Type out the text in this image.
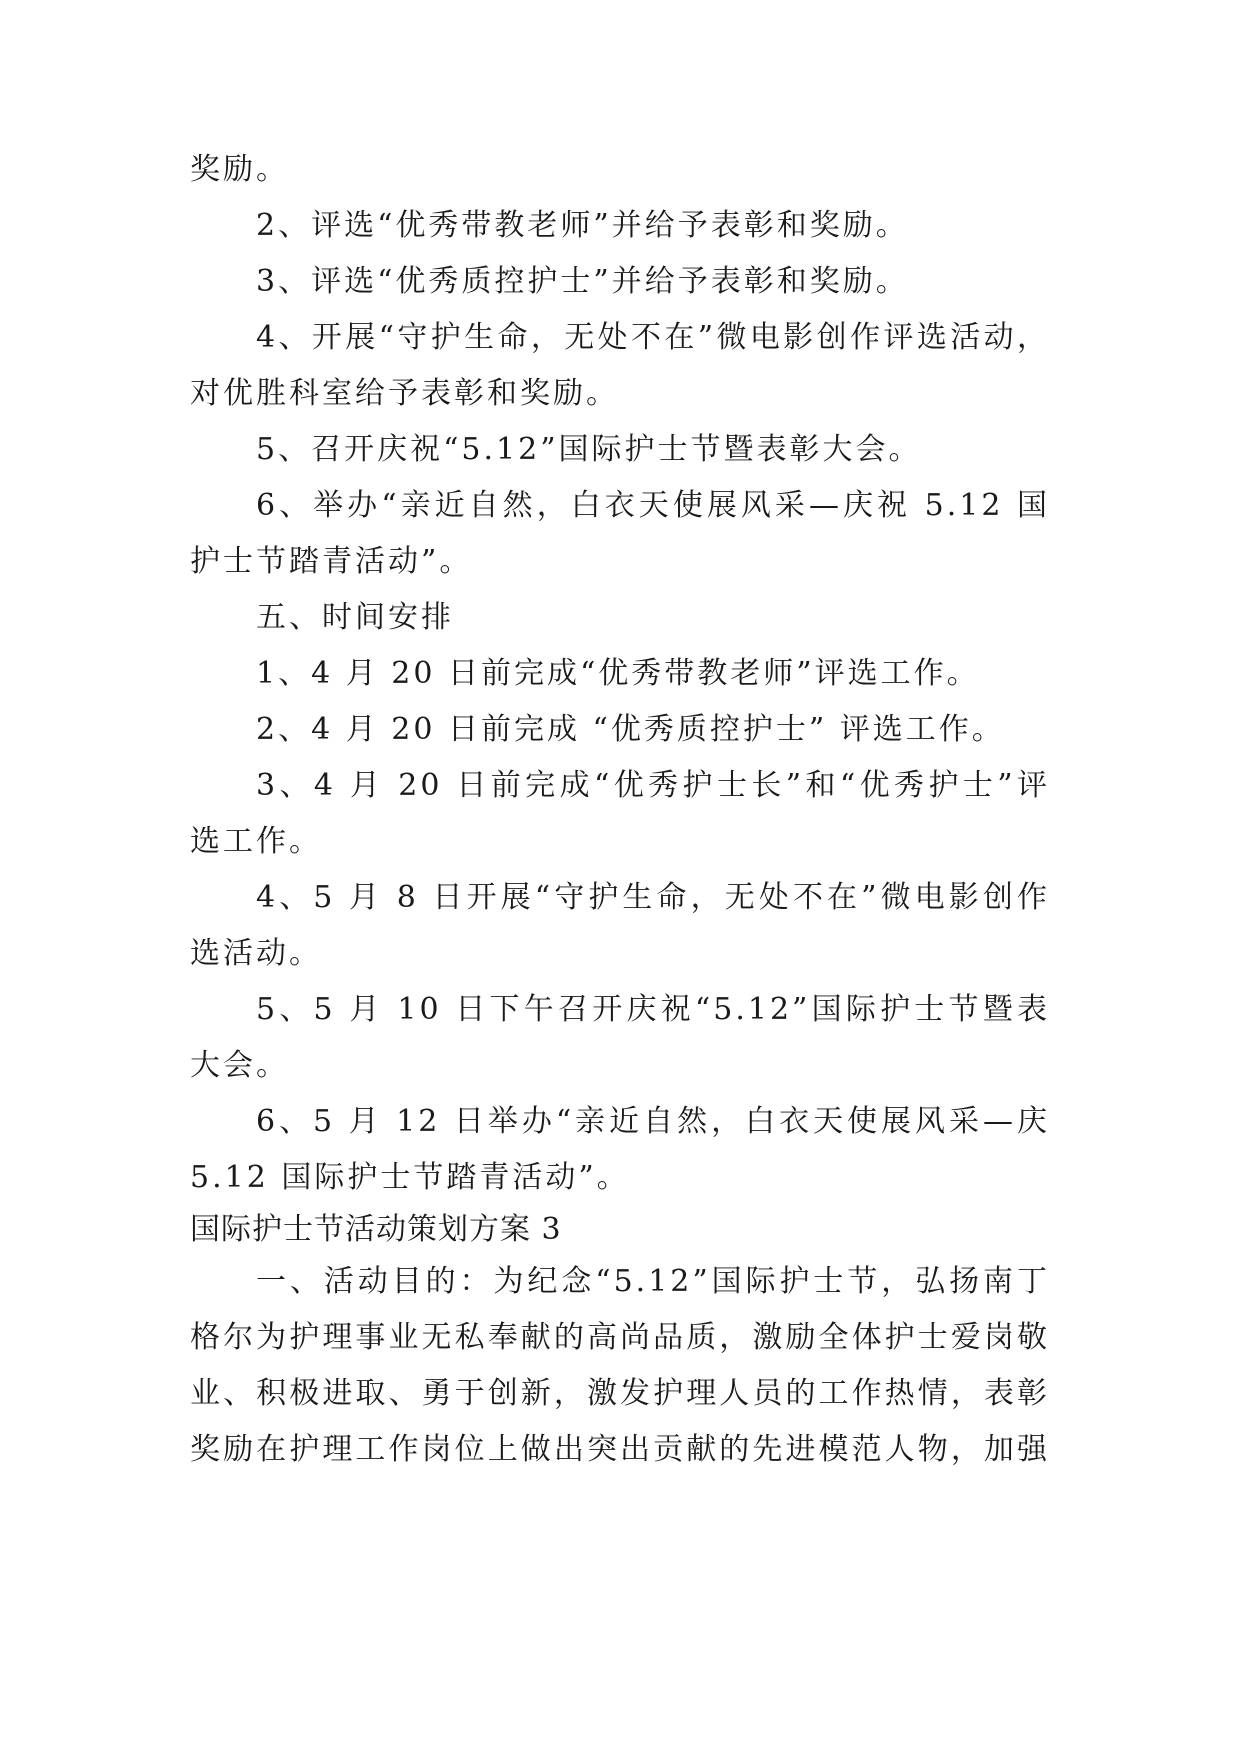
奖励。

2、评选“优秀带教老师”并给予表彰和奖励。

3、评选“优秀质控护士”并给予表彰和奖励。

4、开展“守护生命，无处不在”微电影创作评选活动，

对优胜科室给予表彰和奖励。

5、召开庆祝“5.12”国际护士节暨表彰大会。

6、举办“亲近自然，白衣天使展风采—庆祝 5.12 国

护士节踏青活动”。

五、时间安排

1、4 月 20 日前完成“优秀带教老师”评选工作。

2、4 月 20 日前完成 “优秀质控护士” 评选工作。

3、4 月 20 日前完成“优秀护士长”和“优秀护士”评

选工作。

4、5 月 8 日开展“守护生命，无处不在”微电影创作

选活动。

5、5 月 10 日下午召开庆祝“5.12”国际护士节暨表

大会。

6、5 月 12 日举办“亲近自然，白衣天使展风采—庆

5.12 国际护士节踏青活动”。

国际护士节活动策划方案 3

一、活动目的：为纪念“5.12”国际护士节，弘扬南丁

格尔为护理事业无私奉献的高尚品质，激励全体护士爱岗敬

业、积极进取、勇于创新，激发护理人员的工作热情，表彰

奖励在护理工作岗位上做出突出贡献的先进模范人物，加强
